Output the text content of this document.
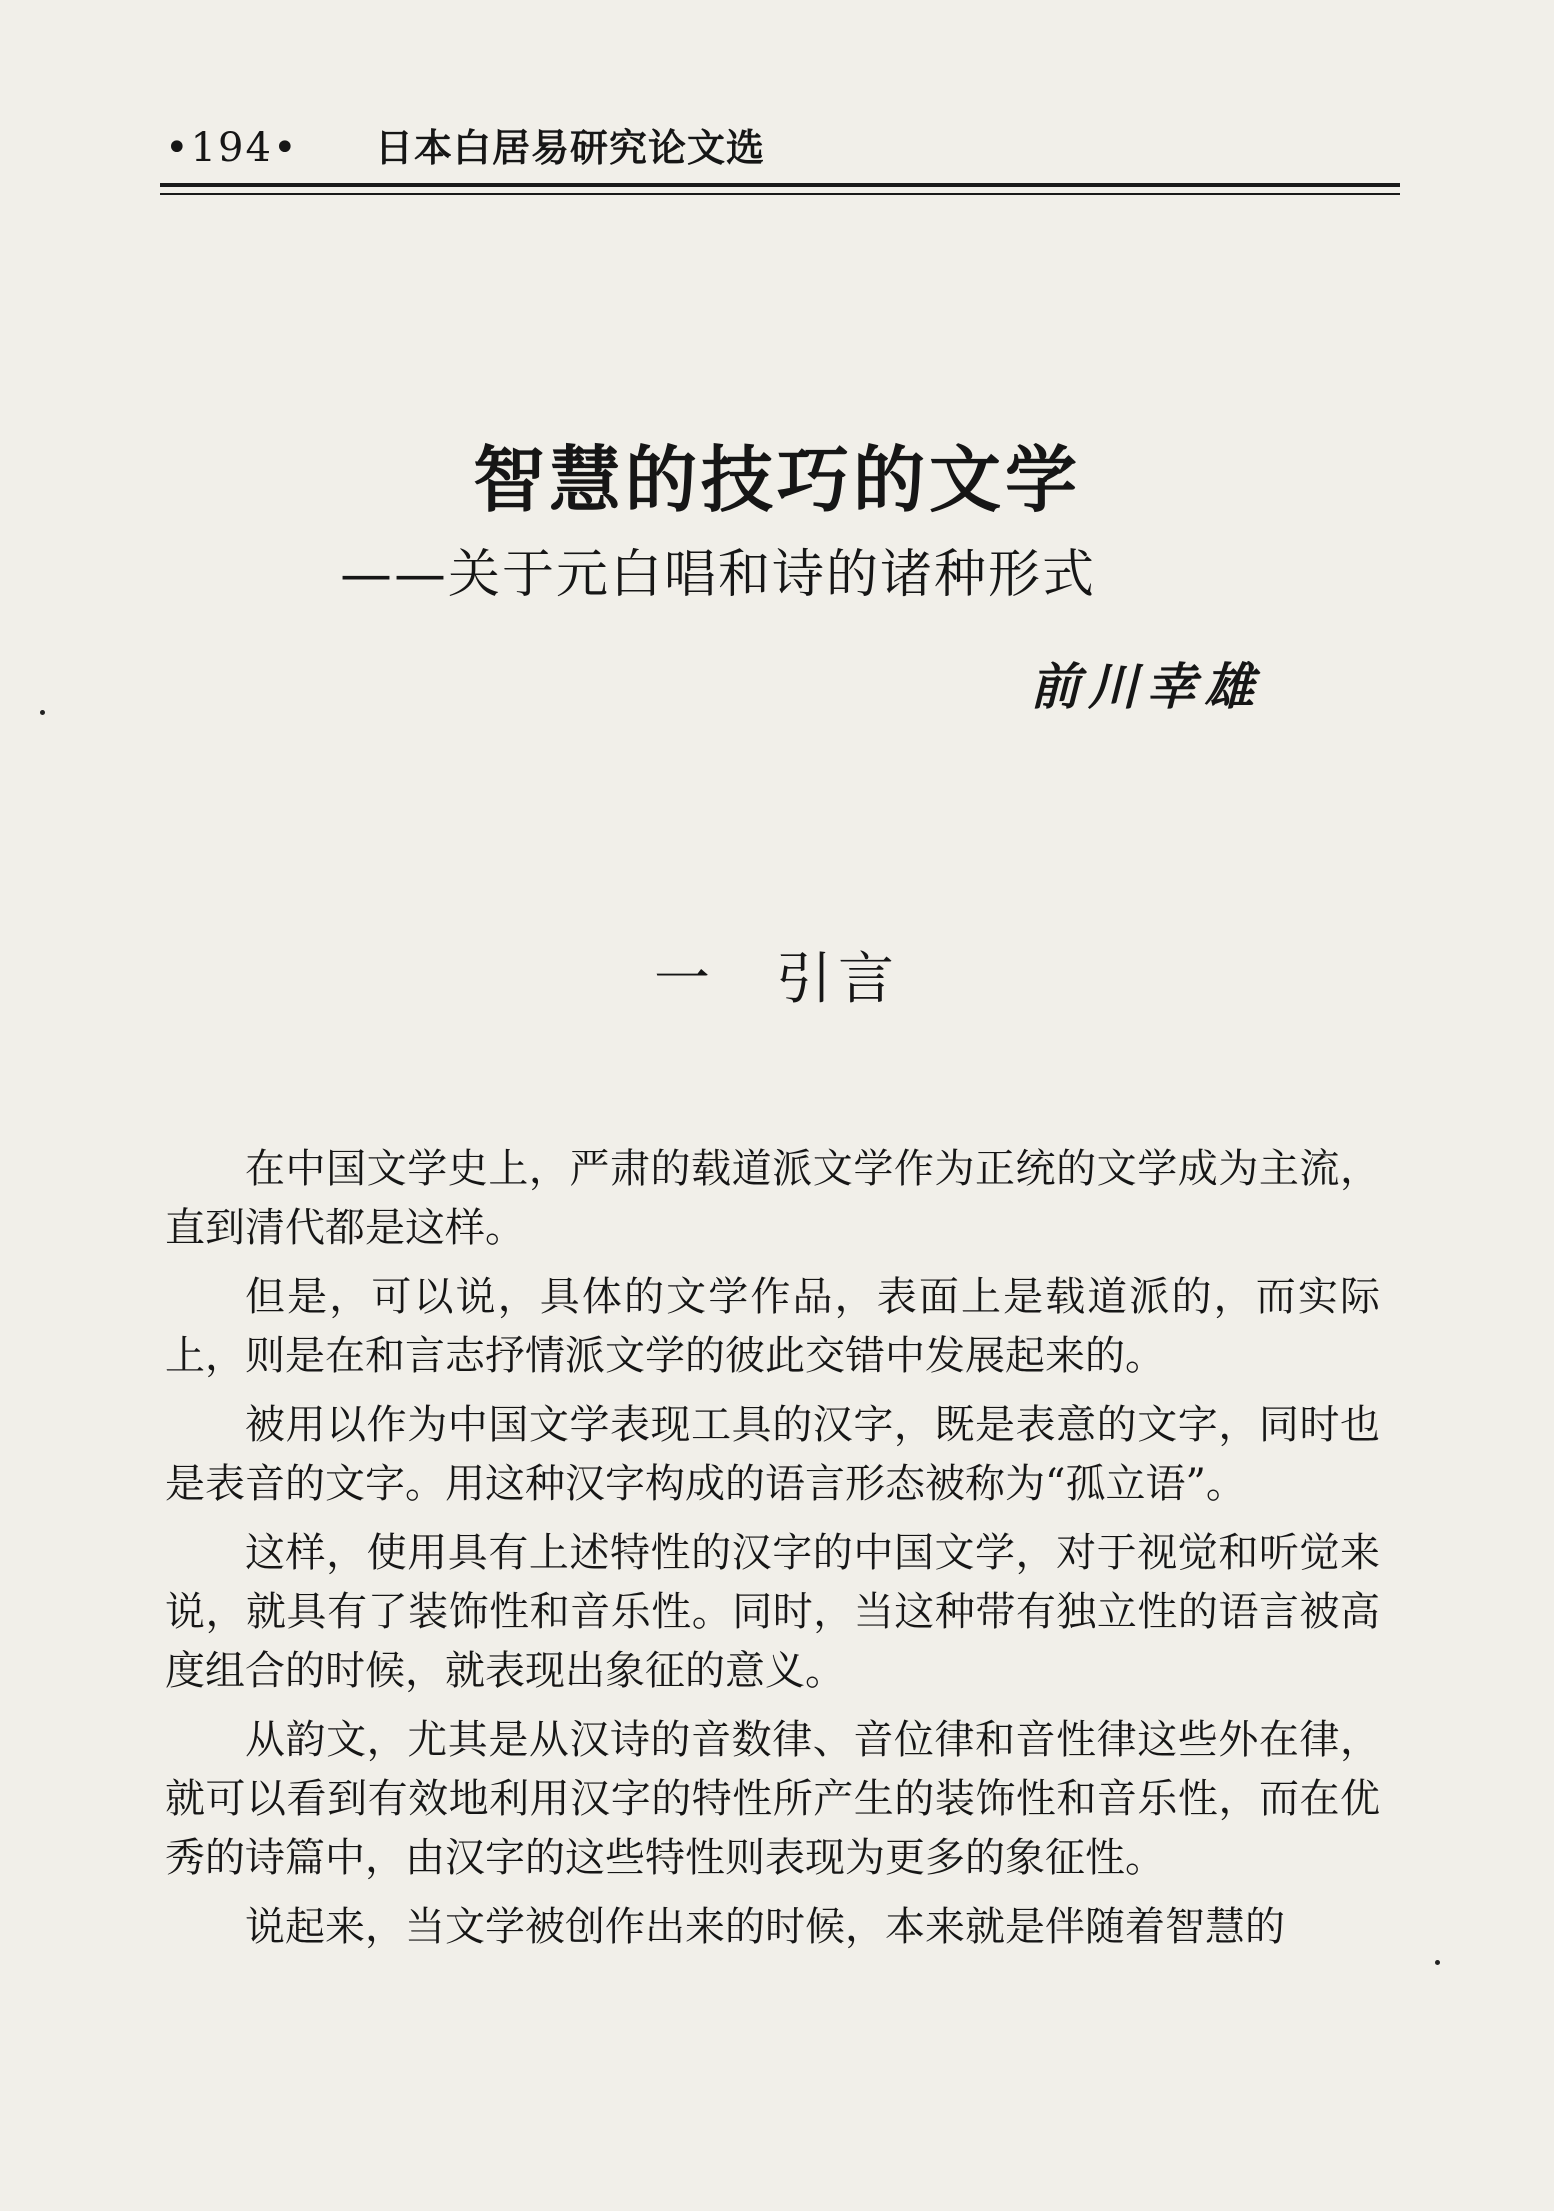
•194• 日本白居易研究论文选
智慧的技巧的文学
——关于元白唱和诗的诸种形式
前川幸雄
一 引言

在中国文学史上，严肃的载道派文学作为正统的文学成为主流，直到清代都是这样。

但是，可以说，具体的文学作品，表面上是载道派的，而实际上，则是在和言志抒情派文学的彼此交错中发展起来的。

被用以作为中国文学表现工具的汉字，既是表意的文字，同时也是表音的文字。用这种汉字构成的语言形态被称为“孤立语”。

这样，使用具有上述特性的汉字的中国文学，对于视觉和听觉来说，就具有了装饰性和音乐性。同时，当这种带有独立性的语言被高度组合的时候，就表现出象征的意义。

从韵文，尤其是从汉诗的音数律、音位律和音性律这些外在律，就可以看到有效地利用汉字的特性所产生的装饰性和音乐性，而在优秀的诗篇中，由汉字的这些特性则表现为更多的象征性。

说起来，当文学被创作出来的时候，本来就是伴随着智慧的
